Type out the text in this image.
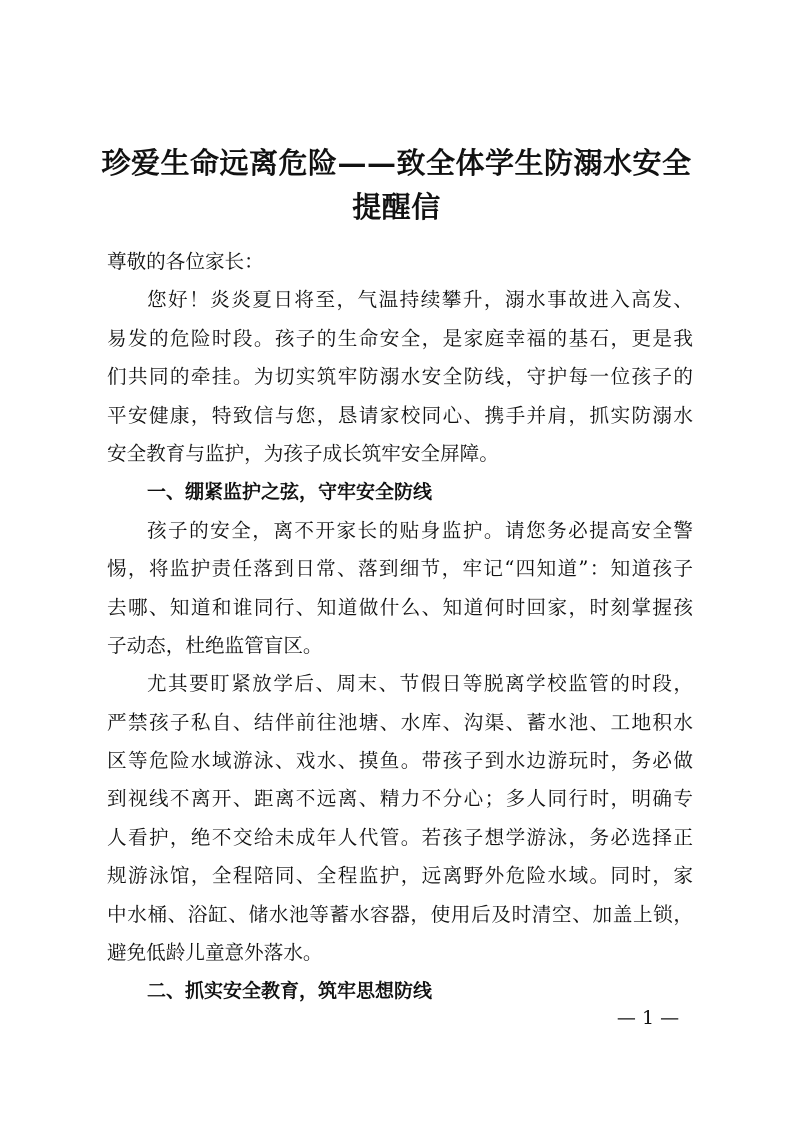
珍爱生命远离危险——致全体学生防溺水安全
提醒信
尊敬的各位家长：
您好！炎炎夏日将至，气温持续攀升，溺水事故进入高发、
易发的危险时段。孩子的生命安全，是家庭幸福的基石，更是我
们共同的牵挂。为切实筑牢防溺水安全防线，守护每一位孩子的
平安健康，特致信与您，恳请家校同心、携手并肩，抓实防溺水
安全教育与监护，为孩子成长筑牢安全屏障。
一、绷紧监护之弦，守牢安全防线
孩子的安全，离不开家长的贴身监护。请您务必提高安全警
惕，将监护责任落到日常、落到细节，牢记“四知道”：知道孩子
去哪、知道和谁同行、知道做什么、知道何时回家，时刻掌握孩
子动态，杜绝监管盲区。
尤其要盯紧放学后、周末、节假日等脱离学校监管的时段，
严禁孩子私自、结伴前往池塘、水库、沟渠、蓄水池、工地积水
区等危险水域游泳、戏水、摸鱼。带孩子到水边游玩时，务必做
到视线不离开、距离不远离、精力不分心；多人同行时，明确专
人看护，绝不交给未成年人代管。若孩子想学游泳，务必选择正
规游泳馆，全程陪同、全程监护，远离野外危险水域。同时，家
中水桶、浴缸、储水池等蓄水容器，使用后及时清空、加盖上锁，
避免低龄儿童意外落水。
二、抓实安全教育，筑牢思想防线
— 1 —
